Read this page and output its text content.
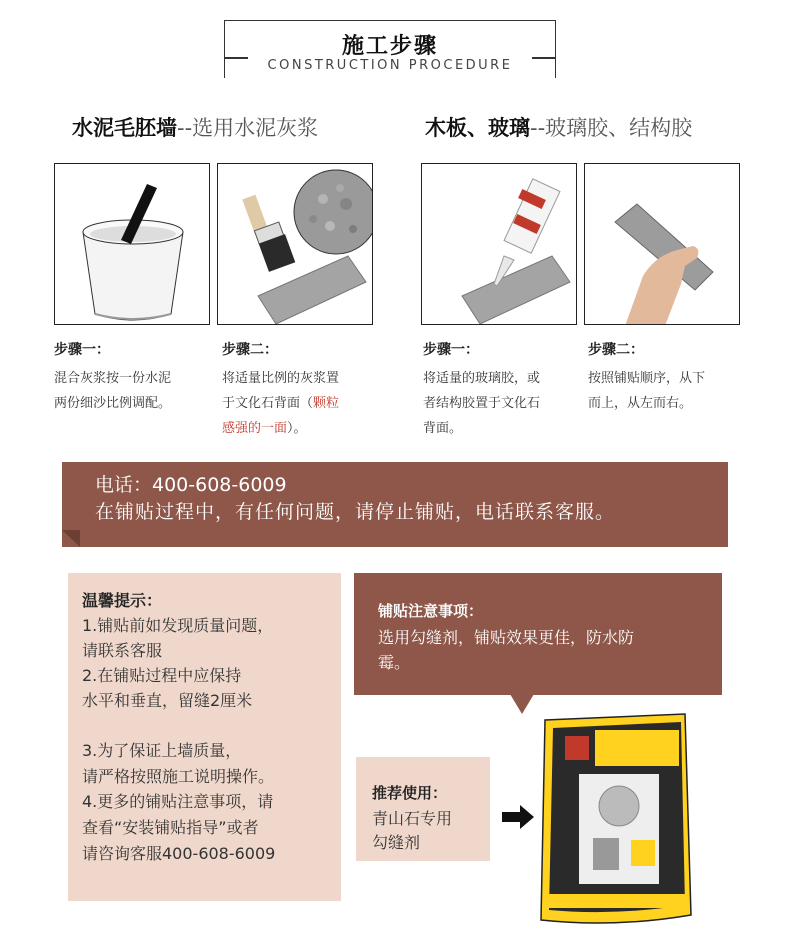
施工步骤
CONSTRUCTION PROCEDURE
水泥毛胚墙--选用水泥灰浆	木板、玻璃--玻璃胶、结构胶
步骤一：
混合灰浆按一份水泥
两份细沙比例调配。
步骤二：
将适量比例的灰浆置
于文化石背面（颗粒
感强的一面）。
步骤一：
将适量的玻璃胶，或
者结构胶置于文化石
背面。
步骤二：
按照铺贴顺序，从下
而上，从左而右。
电话：400-608-6009
在铺贴过程中，有任何问题，请停止铺贴，电话联系客服。
温馨提示：
1.铺贴前如发现质量问题，
请联系客服
2.在铺贴过程中应保持
水平和垂直，留缝2厘米
3.为了保证上墙质量，
请严格按照施工说明操作。
4.更多的铺贴注意事项，请
查看“安装铺贴指导”或者
请咨询客服400-608-6009
铺贴注意事项：
选用勾缝剂，铺贴效果更佳，防水防
霉。
推荐使用：
青山石专用
勾缝剂
